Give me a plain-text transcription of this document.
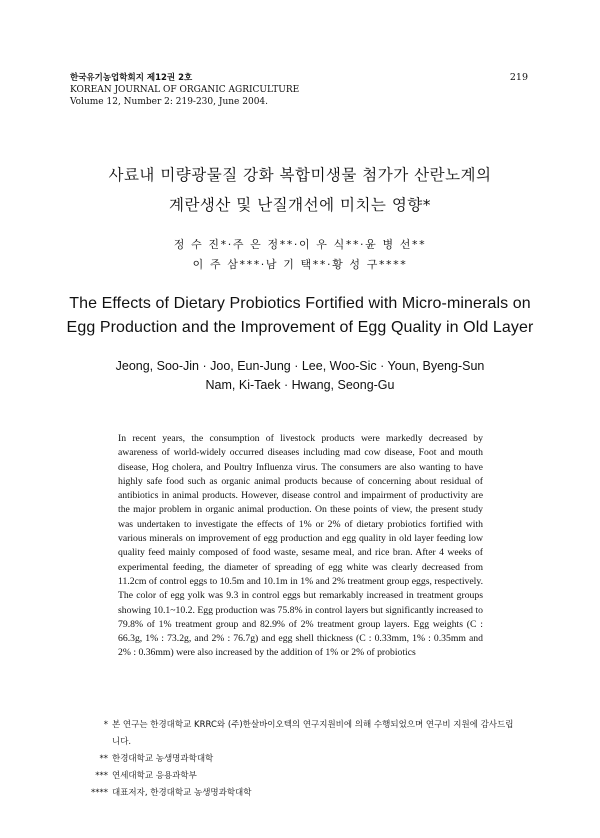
한국유기농업학회지 제12권 2호
KOREAN JOURNAL OF ORGANIC AGRICULTURE
Volume 12, Number 2: 219-230, June 2004.
219
사료내 미량광물질 강화 복합미생물 첨가가 산란노계의
계란생산 및 난질개선에 미치는 영향*
정 수 진*·주 은 정**·이 우 식**·윤 병 선**
이 주 삼***·남 기 택**·황 성 구****
The Effects of Dietary Probiotics Fortified with Micro-minerals on
Egg Production and the Improvement of Egg Quality in Old Layer
Jeong, Soo-Jin · Joo, Eun-Jung · Lee, Woo-Sic · Youn, Byeng-Sun
Nam, Ki-Taek · Hwang, Seong-Gu
In recent years, the consumption of livestock products were markedly decreased by awareness of world-widely occurred diseases including mad cow disease, Foot and mouth disease, Hog cholera, and Poultry Influenza virus. The consumers are also wanting to have highly safe food such as organic animal products because of concerning about residual of antibiotics in animal products. However, disease control and impairment of productivity are the major problem in organic animal production. On these points of view, the present study was undertaken to investigate the effects of 1% or 2% of dietary probiotics fortified with various minerals on improvement of egg production and egg quality in old layer feeding low quality feed mainly composed of food waste, sesame meal, and rice bran. After 4 weeks of experimental feeding, the diameter of spreading of egg white was clearly decreased from 11.2cm of control eggs to 10.5m and 10.1m in 1% and 2% treatment group eggs, respectively. The color of egg yolk was 9.3 in control eggs but remarkably increased in treatment groups showing 10.1~10.2. Egg production was 75.8% in control layers but significantly increased to 79.8% of 1% treatment group and 82.9% of 2% treatment group layers. Egg weights (C : 66.3g, 1% : 73.2g, and 2% : 76.7g) and egg shell thickness (C : 0.33mm, 1% : 0.35mm and 2% : 0.36mm) were also increased by the addition of 1% or 2% of probiotics
* 본 연구는 한경대학교 KRRC와 (주)한살바이오텍의 연구지원비에 의해 수행되었으며 연구비 지원에 감사드립니다.
** 한경대학교 농생명과학대학
*** 연세대학교 응용과학부
**** 대표저자, 한경대학교 농생명과학대학
